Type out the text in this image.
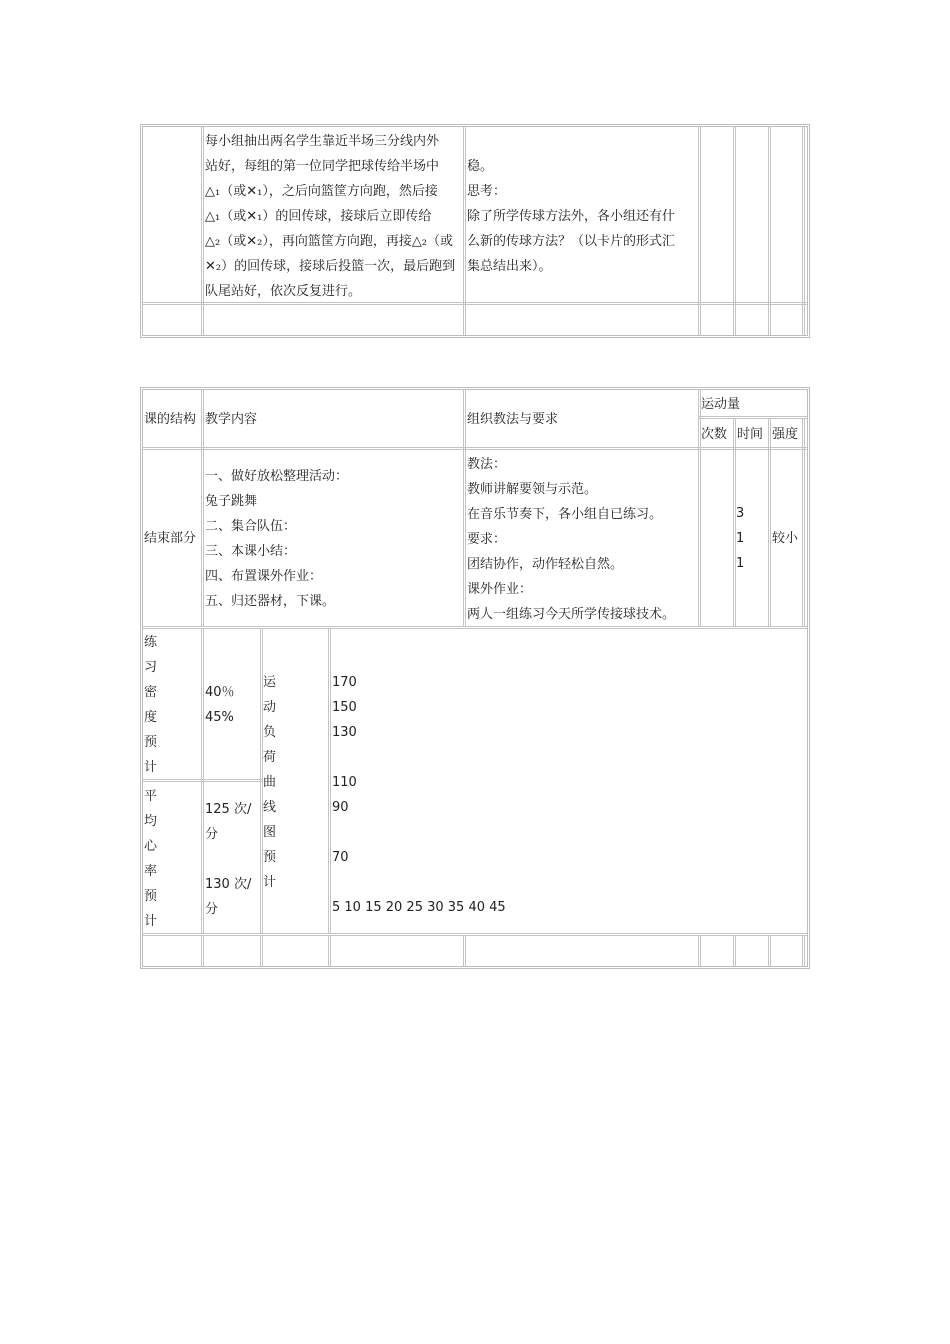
每小组抽出两名学生靠近半场三分线内外
站好，每组的第一位同学把球传给半场中
△₁（或✕₁），之后向篮筐方向跑，然后接
△₁（或✕₁）的回传球，接球后立即传给
△₂（或✕₂），再向篮筐方向跑，再接△₂（或
✕₂）的回传球，接球后投篮一次，最后跑到
队尾站好，依次反复进行。
稳。
思考：
除了所学传球方法外，各小组还有什
么新的传球方法？（以卡片的形式汇
集总结出来）。
课的结构 教学内容	组织教法与要求
运动量
次数 时间 强度
结束部分
一、做好放松整理活动：
兔子跳舞
二、集合队伍：
三、本课小结：
四、布置课外作业：
五、归还器材，下课。
教法：
教师讲解要领与示范。
在音乐节奏下，各小组自已练习。
要求：
团结协作，动作轻松自然。
课外作业：
两人一组练习今天所学传接球技术。
3
1
1
较小
练
习
密
度
预
计
40％
45%
平
均
心
率
预
计
125 次/
分
130 次/
分
运
动
负
荷
曲
线
图
预
计
170
150
130
110
90
70
5 10 15 20 25 30 35 40 45
